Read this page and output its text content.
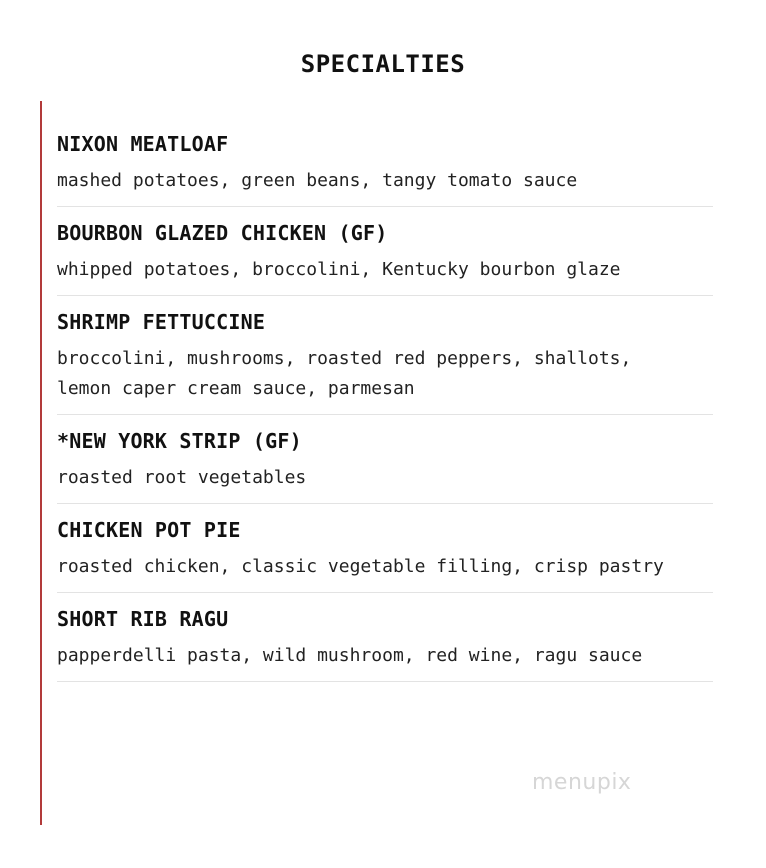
SPECIALTIES
NIXON MEATLOAF
mashed potatoes, green beans, tangy tomato sauce
BOURBON GLAZED CHICKEN (GF)
whipped potatoes, broccolini, Kentucky bourbon glaze
SHRIMP FETTUCCINE
broccolini, mushrooms, roasted red peppers, shallots, lemon caper cream sauce, parmesan
*NEW YORK STRIP (GF)
roasted root vegetables
CHICKEN POT PIE
roasted chicken, classic vegetable filling, crisp pastry
SHORT RIB RAGU
papperdelli pasta, wild mushroom, red wine, ragu sauce
menupix
